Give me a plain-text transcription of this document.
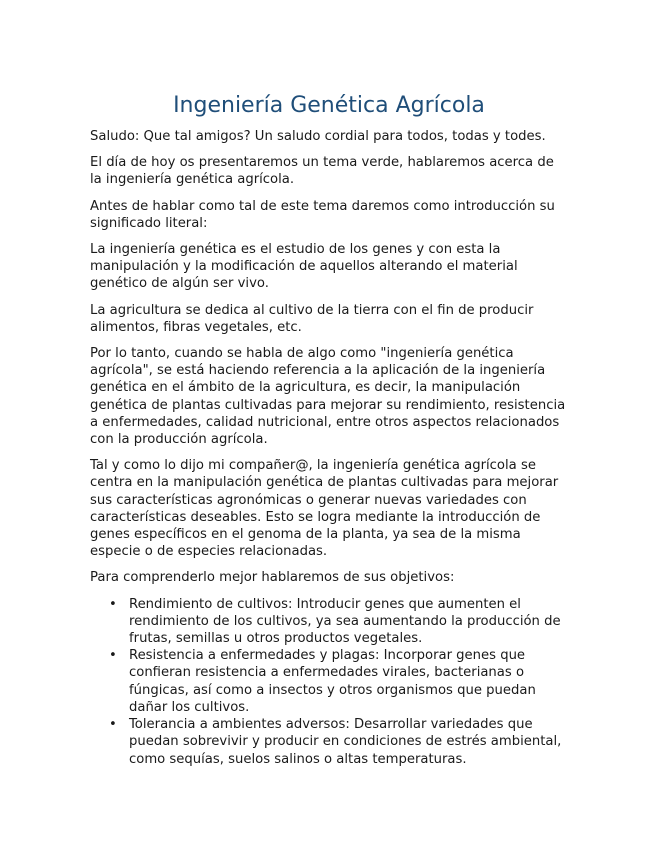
Ingeniería Genética Agrícola

Saludo: Que tal amigos? Un saludo cordial para todos, todas y todes.

El día de hoy os presentaremos un tema verde, hablaremos acerca de la ingeniería genética agrícola.

Antes de hablar como tal de este tema daremos como introducción su significado literal:

La ingeniería genética es el estudio de los genes y con esta la manipulación y la modificación de aquellos alterando el material genético de algún ser vivo.

La agricultura se dedica al cultivo de la tierra con el fin de producir alimentos, fibras vegetales, etc.

Por lo tanto, cuando se habla de algo como "ingeniería genética agrícola", se está haciendo referencia a la aplicación de la ingeniería genética en el ámbito de la agricultura, es decir, la manipulación genética de plantas cultivadas para mejorar su rendimiento, resistencia a enfermedades, calidad nutricional, entre otros aspectos relacionados con la producción agrícola.

Tal y como lo dijo mi compañer@, la ingeniería genética agrícola se centra en la manipulación genética de plantas cultivadas para mejorar sus características agronómicas o generar nuevas variedades con características deseables. Esto se logra mediante la introducción de genes específicos en el genoma de la planta, ya sea de la misma especie o de especies relacionadas.

Para comprenderlo mejor hablaremos de sus objetivos:

• Rendimiento de cultivos: Introducir genes que aumenten el rendimiento de los cultivos, ya sea aumentando la producción de frutas, semillas u otros productos vegetales.
• Resistencia a enfermedades y plagas: Incorporar genes que confieran resistencia a enfermedades virales, bacterianas o fúngicas, así como a insectos y otros organismos que puedan dañar los cultivos.
• Tolerancia a ambientes adversos: Desarrollar variedades que puedan sobrevivir y producir en condiciones de estrés ambiental, como sequías, suelos salinos o altas temperaturas.
